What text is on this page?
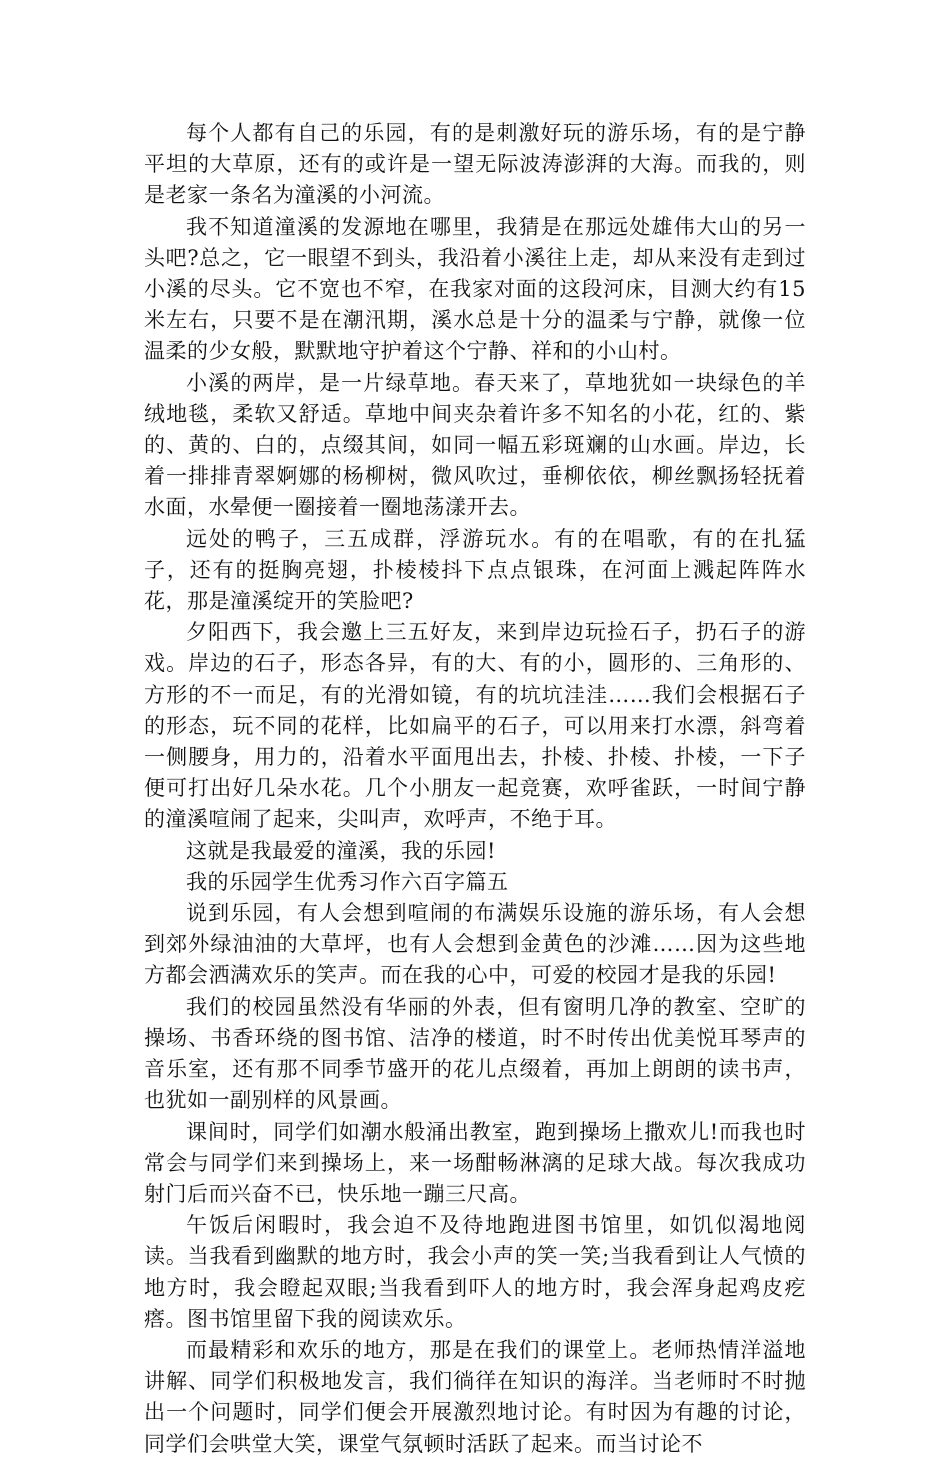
每个人都有自己的乐园，有的是刺激好玩的游乐场，有的是宁静平坦的大草原，还有的或许是一望无际波涛澎湃的大海。而我的，则是老家一条名为潼溪的小河流。

我不知道潼溪的发源地在哪里，我猜是在那远处雄伟大山的另一头吧?总之，它一眼望不到头，我沿着小溪往上走，却从来没有走到过小溪的尽头。它不宽也不窄，在我家对面的这段河床，目测大约有15米左右，只要不是在潮汛期，溪水总是十分的温柔与宁静，就像一位温柔的少女般，默默地守护着这个宁静、祥和的小山村。

小溪的两岸，是一片绿草地。春天来了，草地犹如一块绿色的羊绒地毯，柔软又舒适。草地中间夹杂着许多不知名的小花，红的、紫的、黄的、白的，点缀其间，如同一幅五彩斑斓的山水画。岸边，长着一排排青翠婀娜的杨柳树，微风吹过，垂柳依依，柳丝飘扬轻抚着水面，水晕便一圈接着一圈地荡漾开去。

远处的鸭子，三五成群，浮游玩水。有的在唱歌，有的在扎猛子，还有的挺胸亮翅，扑棱棱抖下点点银珠，在河面上溅起阵阵水花，那是潼溪绽开的笑脸吧?

夕阳西下，我会邀上三五好友，来到岸边玩捡石子，扔石子的游戏。岸边的石子，形态各异，有的大、有的小，圆形的、三角形的、方形的不一而足，有的光滑如镜，有的坑坑洼洼……我们会根据石子的形态，玩不同的花样，比如扁平的石子，可以用来打水漂，斜弯着一侧腰身，用力的，沿着水平面甩出去，扑棱、扑棱、扑棱，一下子便可打出好几朵水花。几个小朋友一起竞赛，欢呼雀跃，一时间宁静的潼溪喧闹了起来，尖叫声，欢呼声，不绝于耳。

这就是我最爱的潼溪，我的乐园!

我的乐园学生优秀习作六百字篇五

说到乐园，有人会想到喧闹的布满娱乐设施的游乐场，有人会想到郊外绿油油的大草坪，也有人会想到金黄色的沙滩……因为这些地方都会洒满欢乐的笑声。而在我的心中，可爱的校园才是我的乐园!

我们的校园虽然没有华丽的外表，但有窗明几净的教室、空旷的操场、书香环绕的图书馆、洁净的楼道，时不时传出优美悦耳琴声的音乐室，还有那不同季节盛开的花儿点缀着，再加上朗朗的读书声，也犹如一副别样的风景画。

课间时，同学们如潮水般涌出教室，跑到操场上撒欢儿!而我也时常会与同学们来到操场上，来一场酣畅淋漓的足球大战。每次我成功射门后而兴奋不已，快乐地一蹦三尺高。

午饭后闲暇时，我会迫不及待地跑进图书馆里，如饥似渴地阅读。当我看到幽默的地方时，我会小声的笑一笑;当我看到让人气愤的地方时，我会瞪起双眼;当我看到吓人的地方时，我会浑身起鸡皮疙瘩。图书馆里留下我的阅读欢乐。

而最精彩和欢乐的地方，那是在我们的课堂上。老师热情洋溢地讲解、同学们积极地发言，我们徜徉在知识的海洋。当老师时不时抛出一个问题时，同学们便会开展激烈地讨论。有时因为有趣的讨论，同学们会哄堂大笑，课堂气氛顿时活跃了起来。而当讨论不
